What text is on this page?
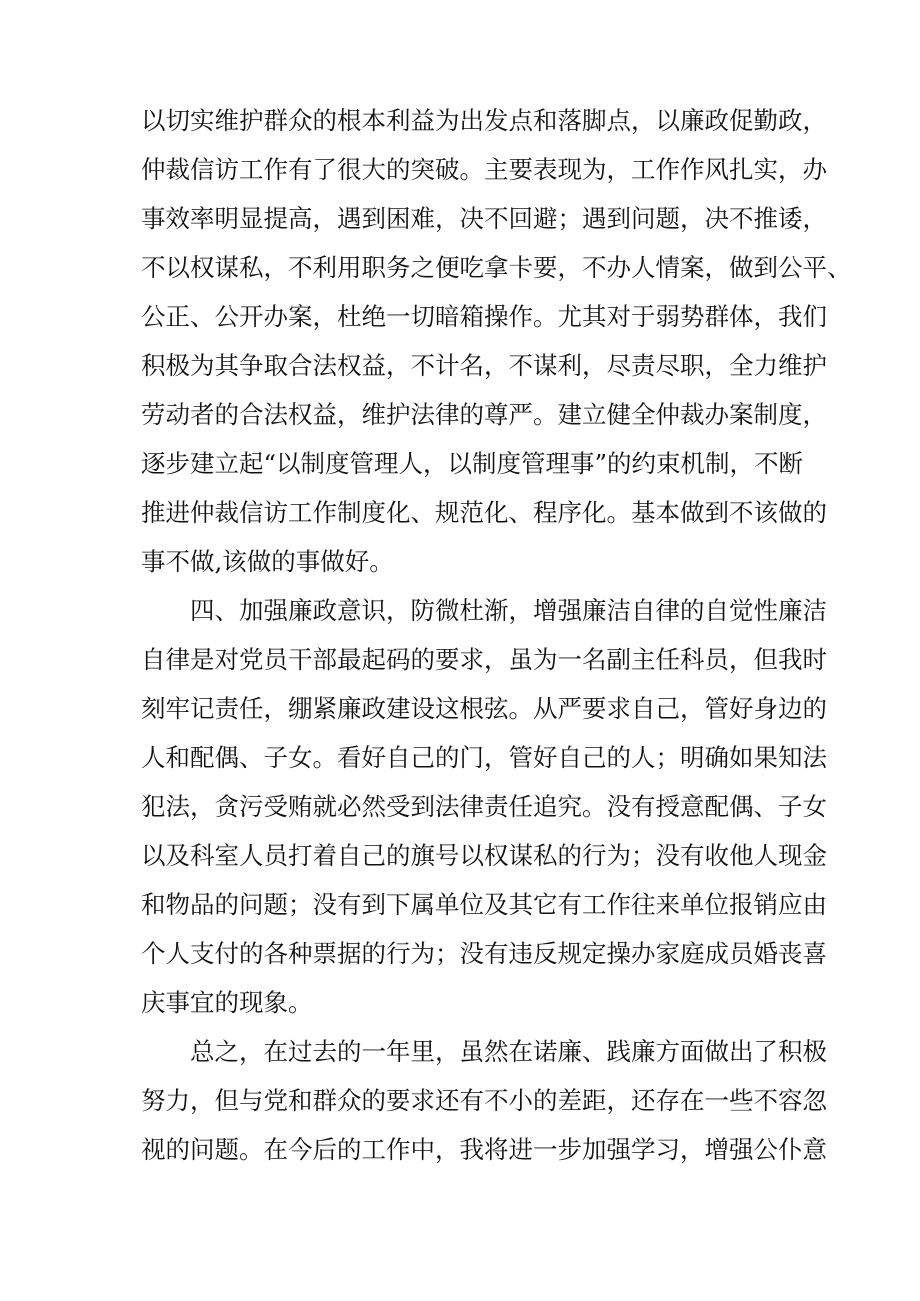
以切实维护群众的根本利益为出发点和落脚点，以廉政促勤政，
仲裁信访工作有了很大的突破。主要表现为，工作作风扎实，办
事效率明显提高，遇到困难，决不回避；遇到问题，决不推诿，
不以权谋私，不利用职务之便吃拿卡要，不办人情案，做到公平、
公正、公开办案，杜绝一切暗箱操作。尤其对于弱势群体，我们
积极为其争取合法权益，不计名，不谋利，尽责尽职，全力维护
劳动者的合法权益，维护法律的尊严。建立健全仲裁办案制度，
逐步建立起“以制度管理人，以制度管理事”的约束机制，不断
推进仲裁信访工作制度化、规范化、程序化。基本做到不该做的
事不做,该做的事做好。
四、加强廉政意识，防微杜渐，增强廉洁自律的自觉性廉洁
自律是对党员干部最起码的要求，虽为一名副主任科员，但我时
刻牢记责任，绷紧廉政建设这根弦。从严要求自己，管好身边的
人和配偶、子女。看好自己的门，管好自己的人；明确如果知法
犯法，贪污受贿就必然受到法律责任追究。没有授意配偶、子女
以及科室人员打着自己的旗号以权谋私的行为；没有收他人现金
和物品的问题；没有到下属单位及其它有工作往来单位报销应由
个人支付的各种票据的行为；没有违反规定操办家庭成员婚丧喜
庆事宜的现象。
总之，在过去的一年里，虽然在诺廉、践廉方面做出了积极
努力，但与党和群众的要求还有不小的差距，还存在一些不容忽
视的问题。在今后的工作中，我将进一步加强学习，增强公仆意
